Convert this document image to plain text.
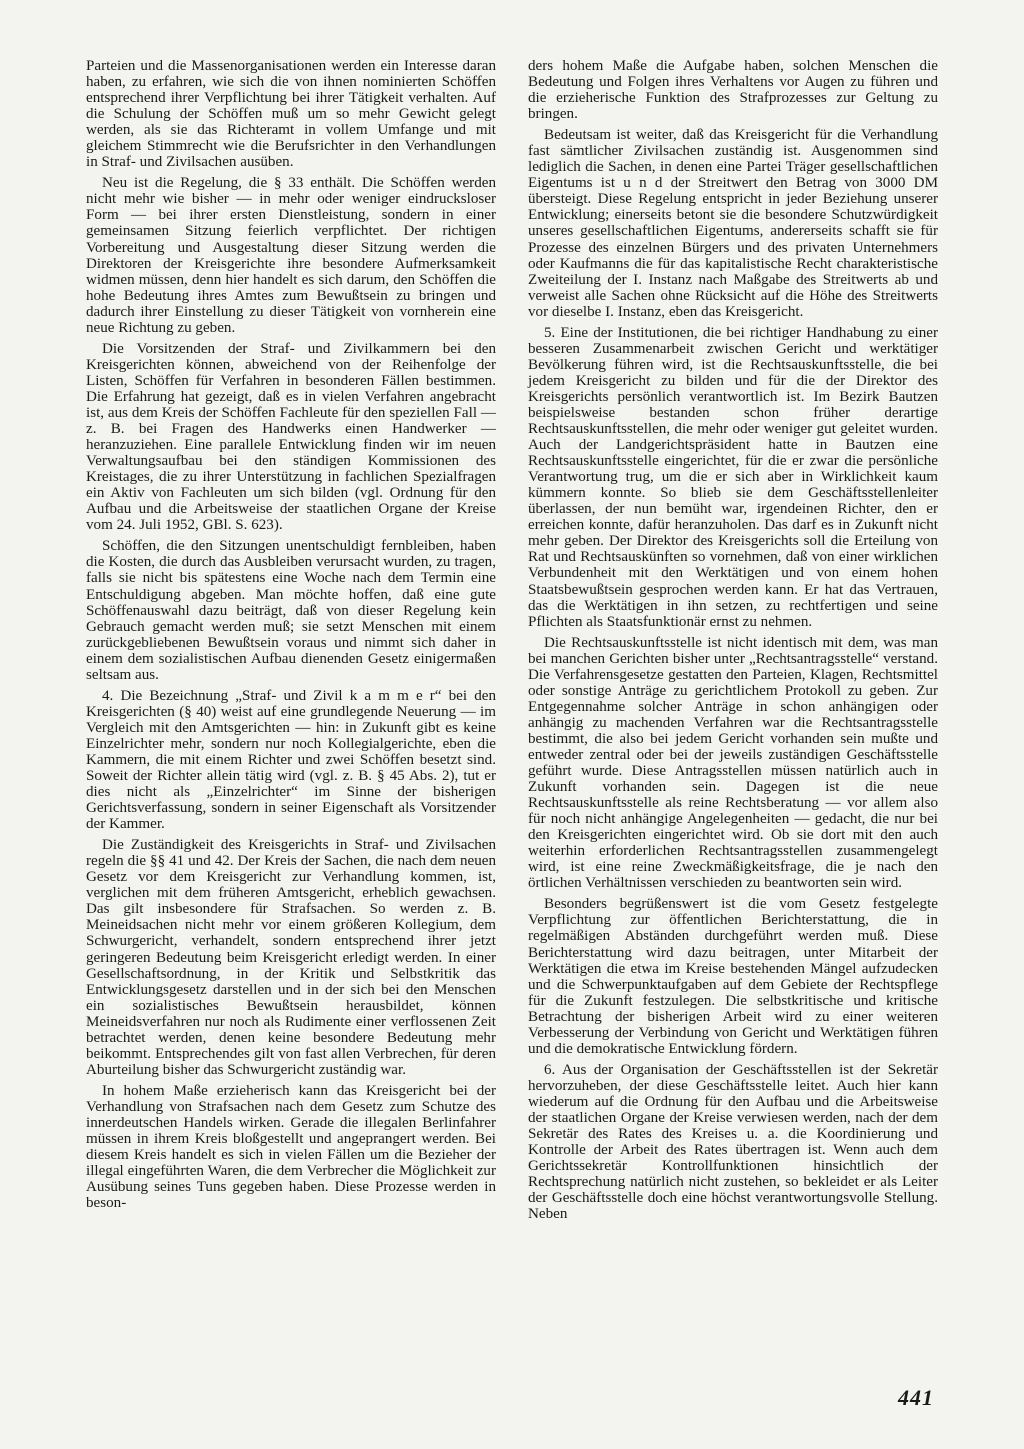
Parteien und die Massenorganisationen werden ein Interesse daran haben, zu erfahren, wie sich die von ihnen nominierten Schöffen entsprechend ihrer Verpflichtung bei ihrer Tätigkeit verhalten. Auf die Schulung der Schöffen muß um so mehr Gewicht gelegt werden, als sie das Richteramt in vollem Umfange und mit gleichem Stimmrecht wie die Berufsrichter in den Verhandlungen in Straf- und Zivilsachen ausüben.

Neu ist die Regelung, die § 33 enthält. Die Schöffen werden nicht mehr wie bisher — in mehr oder weniger eindrucksloser Form — bei ihrer ersten Dienstleistung, sondern in einer gemeinsamen Sitzung feierlich verpflichtet. Der richtigen Vorbereitung und Ausgestaltung dieser Sitzung werden die Direktoren der Kreisgerichte ihre besondere Aufmerksamkeit widmen müssen, denn hier handelt es sich darum, den Schöffen die hohe Bedeutung ihres Amtes zum Bewußtsein zu bringen und dadurch ihrer Einstellung zu dieser Tätigkeit von vornherein eine neue Richtung zu geben.

Die Vorsitzenden der Straf- und Zivilkammern bei den Kreisgerichten können, abweichend von der Reihenfolge der Listen, Schöffen für Verfahren in besonderen Fällen bestimmen. Die Erfahrung hat gezeigt, daß es in vielen Verfahren angebracht ist, aus dem Kreis der Schöffen Fachleute für den speziellen Fall — z. B. bei Fragen des Handwerks einen Handwerker — heranzuziehen. Eine parallele Entwicklung finden wir im neuen Verwaltungsaufbau bei den ständigen Kommissionen des Kreistages, die zu ihrer Unterstützung in fachlichen Spezialfragen ein Aktiv von Fachleuten um sich bilden (vgl. Ordnung für den Aufbau und die Arbeitsweise der staatlichen Organe der Kreise vom 24. Juli 1952, GBl. S. 623).

Schöffen, die den Sitzungen unentschuldigt fernbleiben, haben die Kosten, die durch das Ausbleiben verursacht wurden, zu tragen, falls sie nicht bis spätestens eine Woche nach dem Termin eine Entschuldigung abgeben. Man möchte hoffen, daß eine gute Schöffenauswahl dazu beiträgt, daß von dieser Regelung kein Gebrauch gemacht werden muß; sie setzt Menschen mit einem zurückgebliebenen Bewußtsein voraus und nimmt sich daher in einem dem sozialistischen Aufbau dienenden Gesetz einigermaßen seltsam aus.

4. Die Bezeichnung „Straf- und Zivil k a m m e r“ bei den Kreisgerichten (§ 40) weist auf eine grundlegende Neuerung — im Vergleich mit den Amtsgerichten — hin: in Zukunft gibt es keine Einzelrichter mehr, sondern nur noch Kollegialgerichte, eben die Kammern, die mit einem Richter und zwei Schöffen besetzt sind. Soweit der Richter allein tätig wird (vgl. z. B. § 45 Abs. 2), tut er dies nicht als „Einzelrichter“ im Sinne der bisherigen Gerichtsverfassung, sondern in seiner Eigenschaft als Vorsitzender der Kammer.

Die Zuständigkeit des Kreisgerichts in Straf- und Zivilsachen regeln die §§ 41 und 42. Der Kreis der Sachen, die nach dem neuen Gesetz vor dem Kreisgericht zur Verhandlung kommen, ist, verglichen mit dem früheren Amtsgericht, erheblich gewachsen. Das gilt insbesondere für Strafsachen. So werden z. B. Meineidsachen nicht mehr vor einem größeren Kollegium, dem Schwurgericht, verhandelt, sondern entsprechend ihrer jetzt geringeren Bedeutung beim Kreisgericht erledigt werden. In einer Gesellschaftsordnung, in der Kritik und Selbstkritik das Entwicklungsgesetz darstellen und in der sich bei den Menschen ein sozialistisches Bewußtsein herausbildet, können Meineidsverfahren nur noch als Rudimente einer verflossenen Zeit betrachtet werden, denen keine besondere Bedeutung mehr beikommt. Entsprechendes gilt von fast allen Verbrechen, für deren Aburteilung bisher das Schwurgericht zuständig war.

In hohem Maße erzieherisch kann das Kreisgericht bei der Verhandlung von Strafsachen nach dem Gesetz zum Schutze des innerdeutschen Handels wirken. Gerade die illegalen Berlinfahrer müssen in ihrem Kreis bloßgestellt und angeprangert werden. Bei diesem Kreis handelt es sich in vielen Fällen um die Bezieher der illegal eingeführten Waren, die dem Verbrecher die Möglichkeit zur Ausübung seines Tuns gegeben haben. Diese Prozesse werden in beson-

ders hohem Maße die Aufgabe haben, solchen Menschen die Bedeutung und Folgen ihres Verhaltens vor Augen zu führen und die erzieherische Funktion des Strafprozesses zur Geltung zu bringen.

Bedeutsam ist weiter, daß das Kreisgericht für die Verhandlung fast sämtlicher Zivilsachen zuständig ist. Ausgenommen sind lediglich die Sachen, in denen eine Partei Träger gesellschaftlichen Eigentums ist u n d der Streitwert den Betrag von 3000 DM übersteigt. Diese Regelung entspricht in jeder Beziehung unserer Entwicklung; einerseits betont sie die besondere Schutzwürdigkeit unseres gesellschaftlichen Eigentums, andererseits schafft sie für Prozesse des einzelnen Bürgers und des privaten Unternehmers oder Kaufmanns die für das kapitalistische Recht charakteristische Zweiteilung der I. Instanz nach Maßgabe des Streitwerts ab und verweist alle Sachen ohne Rücksicht auf die Höhe des Streitwerts vor dieselbe I. Instanz, eben das Kreisgericht.

5. Eine der Institutionen, die bei richtiger Handhabung zu einer besseren Zusammenarbeit zwischen Gericht und werktätiger Bevölkerung führen wird, ist die Rechtsauskunftsstelle, die bei jedem Kreisgericht zu bilden und für die der Direktor des Kreisgerichts persönlich verantwortlich ist. Im Bezirk Bautzen beispielsweise bestanden schon früher derartige Rechtsauskunftsstellen, die mehr oder weniger gut geleitet wurden. Auch der Landgerichtspräsident hatte in Bautzen eine Rechtsauskunftsstelle eingerichtet, für die er zwar die persönliche Verantwortung trug, um die er sich aber in Wirklichkeit kaum kümmern konnte. So blieb sie dem Geschäftsstellenleiter überlassen, der nun bemüht war, irgendeinen Richter, den er erreichen konnte, dafür heranzuholen. Das darf es in Zukunft nicht mehr geben. Der Direktor des Kreisgerichts soll die Erteilung von Rat und Rechtsauskünften so vornehmen, daß von einer wirklichen Verbundenheit mit den Werktätigen und von einem hohen Staatsbewußtsein gesprochen werden kann. Er hat das Vertrauen, das die Werktätigen in ihn setzen, zu rechtfertigen und seine Pflichten als Staatsfunktionär ernst zu nehmen.

Die Rechtsauskunftsstelle ist nicht identisch mit dem, was man bei manchen Gerichten bisher unter „Rechtsantragsstelle“ verstand. Die Verfahrensgesetze gestatten den Parteien, Klagen, Rechtsmittel oder sonstige Anträge zu gerichtlichem Protokoll zu geben. Zur Entgegennahme solcher Anträge in schon anhängigen oder anhängig zu machenden Verfahren war die Rechtsantragsstelle bestimmt, die also bei jedem Gericht vorhanden sein mußte und entweder zentral oder bei der jeweils zuständigen Geschäftsstelle geführt wurde. Diese Antragsstellen müssen natürlich auch in Zukunft vorhanden sein. Dagegen ist die neue Rechtsauskunftsstelle als reine Rechtsberatung — vor allem also für noch nicht anhängige Angelegenheiten — gedacht, die nur bei den Kreisgerichten eingerichtet wird. Ob sie dort mit den auch weiterhin erforderlichen Rechtsantragsstellen zusammengelegt wird, ist eine reine Zweckmäßigkeitsfrage, die je nach den örtlichen Verhältnissen verschieden zu beantworten sein wird.

Besonders begrüßenswert ist die vom Gesetz festgelegte Verpflichtung zur öffentlichen Berichterstattung, die in regelmäßigen Abständen durchgeführt werden muß. Diese Berichterstattung wird dazu beitragen, unter Mitarbeit der Werktätigen die etwa im Kreise bestehenden Mängel aufzudecken und die Schwerpunktaufgaben auf dem Gebiete der Rechtspflege für die Zukunft festzulegen. Die selbstkritische und kritische Betrachtung der bisherigen Arbeit wird zu einer weiteren Verbesserung der Verbindung von Gericht und Werktätigen führen und die demokratische Entwicklung fördern.

6. Aus der Organisation der Geschäftsstellen ist der Sekretär hervorzuheben, der diese Geschäftsstelle leitet. Auch hier kann wiederum auf die Ordnung für den Aufbau und die Arbeitsweise der staatlichen Organe der Kreise verwiesen werden, nach der dem Sekretär des Rates des Kreises u. a. die Koordinierung und Kontrolle der Arbeit des Rates übertragen ist. Wenn auch dem Gerichtssekretär Kontrollfunktionen hinsichtlich der Rechtsprechung natürlich nicht zustehen, so bekleidet er als Leiter der Geschäftsstelle doch eine höchst verantwortungsvolle Stellung. Neben

441
